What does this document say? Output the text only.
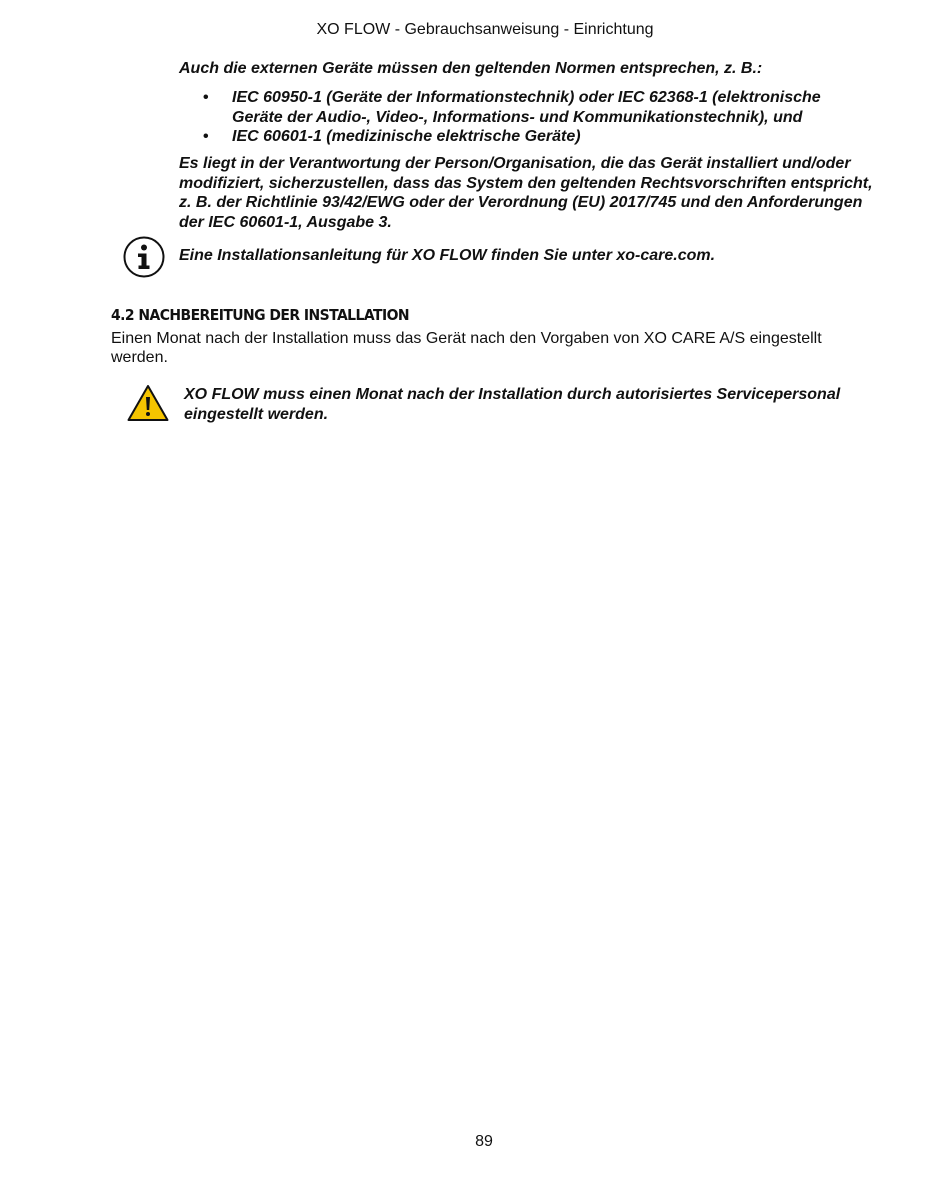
XO FLOW - Gebrauchsanweisung - Einrichtung
Auch die externen Geräte müssen den geltenden Normen entsprechen, z. B.:
• IEC 60950-1 (Geräte der Informationstechnik) oder IEC 62368-1 (elektronische Geräte der Audio-, Video-, Informations- und Kommunikationstechnik), und
• IEC 60601-1 (medizinische elektrische Geräte)
Es liegt in der Verantwortung der Person/Organisation, die das Gerät installiert und/oder modifiziert, sicherzustellen, dass das System den geltenden Rechtsvorschriften entspricht, z. B. der Richtlinie 93/42/EWG oder der Verordnung (EU) 2017/745 und den Anforderungen der IEC 60601-1, Ausgabe 3.
Eine Installationsanleitung für XO FLOW finden Sie unter xo-care.com.
4.2 NACHBEREITUNG DER INSTALLATION
Einen Monat nach der Installation muss das Gerät nach den Vorgaben von XO CARE A/S eingestellt werden.
XO FLOW muss einen Monat nach der Installation durch autorisiertes Servicepersonal eingestellt werden.
89
